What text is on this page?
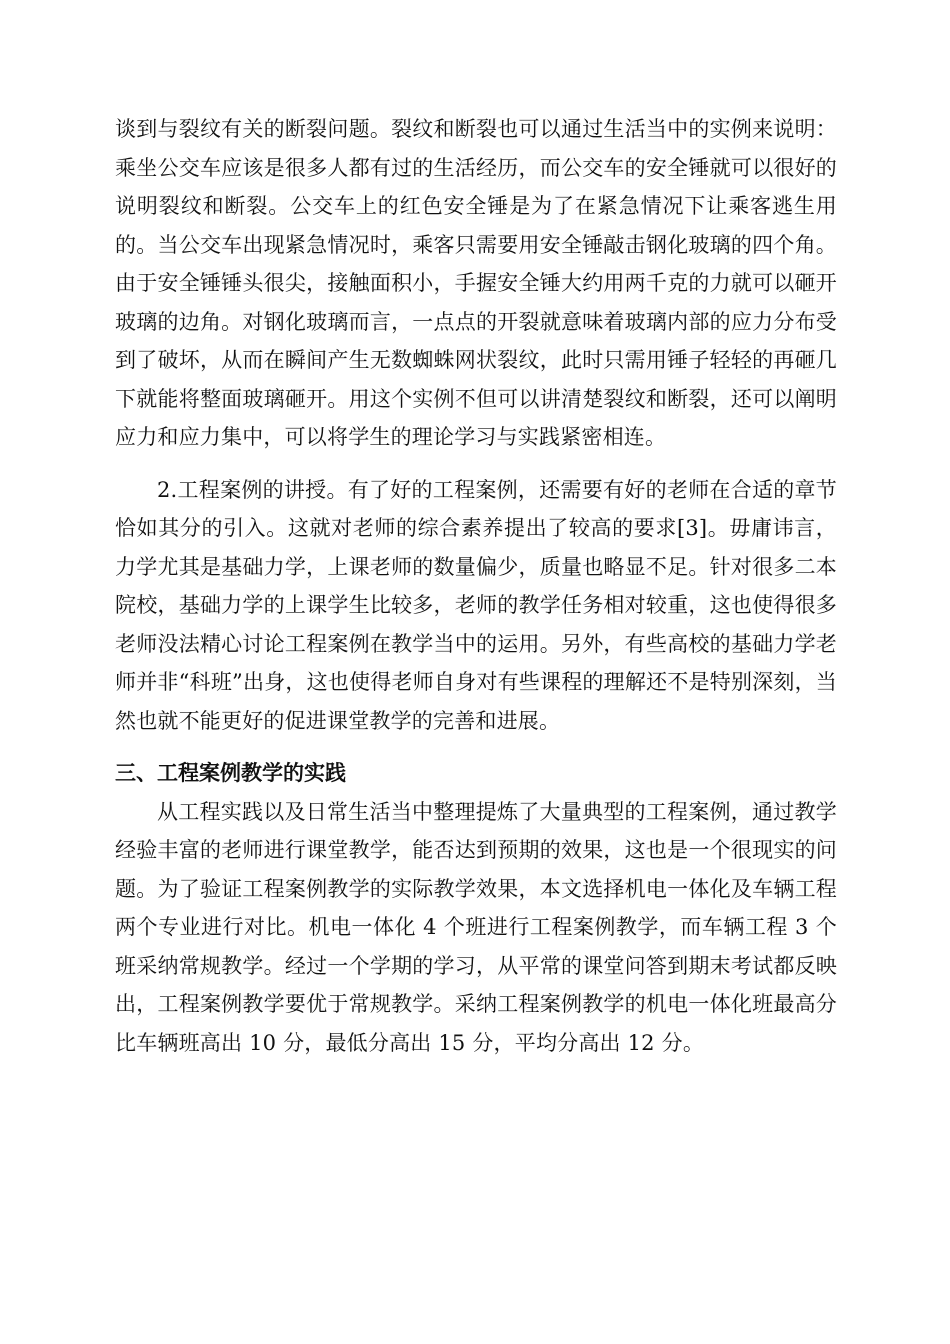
谈到与裂纹有关的断裂问题。裂纹和断裂也可以通过生活当中的实例来说明：乘坐公交车应该是很多人都有过的生活经历，而公交车的安全锤就可以很好的说明裂纹和断裂。公交车上的红色安全锤是为了在紧急情况下让乘客逃生用的。当公交车出现紧急情况时，乘客只需要用安全锤敲击钢化玻璃的四个角。由于安全锤锤头很尖，接触面积小，手握安全锤大约用两千克的力就可以砸开玻璃的边角。对钢化玻璃而言，一点点的开裂就意味着玻璃内部的应力分布受到了破坏，从而在瞬间产生无数蜘蛛网状裂纹，此时只需用锤子轻轻的再砸几下就能将整面玻璃砸开。用这个实例不但可以讲清楚裂纹和断裂，还可以阐明应力和应力集中，可以将学生的理论学习与实践紧密相连。

2.工程案例的讲授。有了好的工程案例，还需要有好的老师在合适的章节恰如其分的引入。这就对老师的综合素养提出了较高的要求[3]。毋庸讳言，力学尤其是基础力学，上课老师的数量偏少，质量也略显不足。针对很多二本院校，基础力学的上课学生比较多，老师的教学任务相对较重，这也使得很多老师没法精心讨论工程案例在教学当中的运用。另外，有些高校的基础力学老师并非“科班”出身，这也使得老师自身对有些课程的理解还不是特别深刻，当然也就不能更好的促进课堂教学的完善和进展。

三、工程案例教学的实践

从工程实践以及日常生活当中整理提炼了大量典型的工程案例，通过教学经验丰富的老师进行课堂教学，能否达到预期的效果，这也是一个很现实的问题。为了验证工程案例教学的实际教学效果，本文选择机电一体化及车辆工程两个专业进行对比。机电一体化 4 个班进行工程案例教学，而车辆工程 3 个班采纳常规教学。经过一个学期的学习，从平常的课堂问答到期末考试都反映出，工程案例教学要优于常规教学。采纳工程案例教学的机电一体化班最高分比车辆班高出 10 分，最低分高出 15 分，平均分高出 12 分。
